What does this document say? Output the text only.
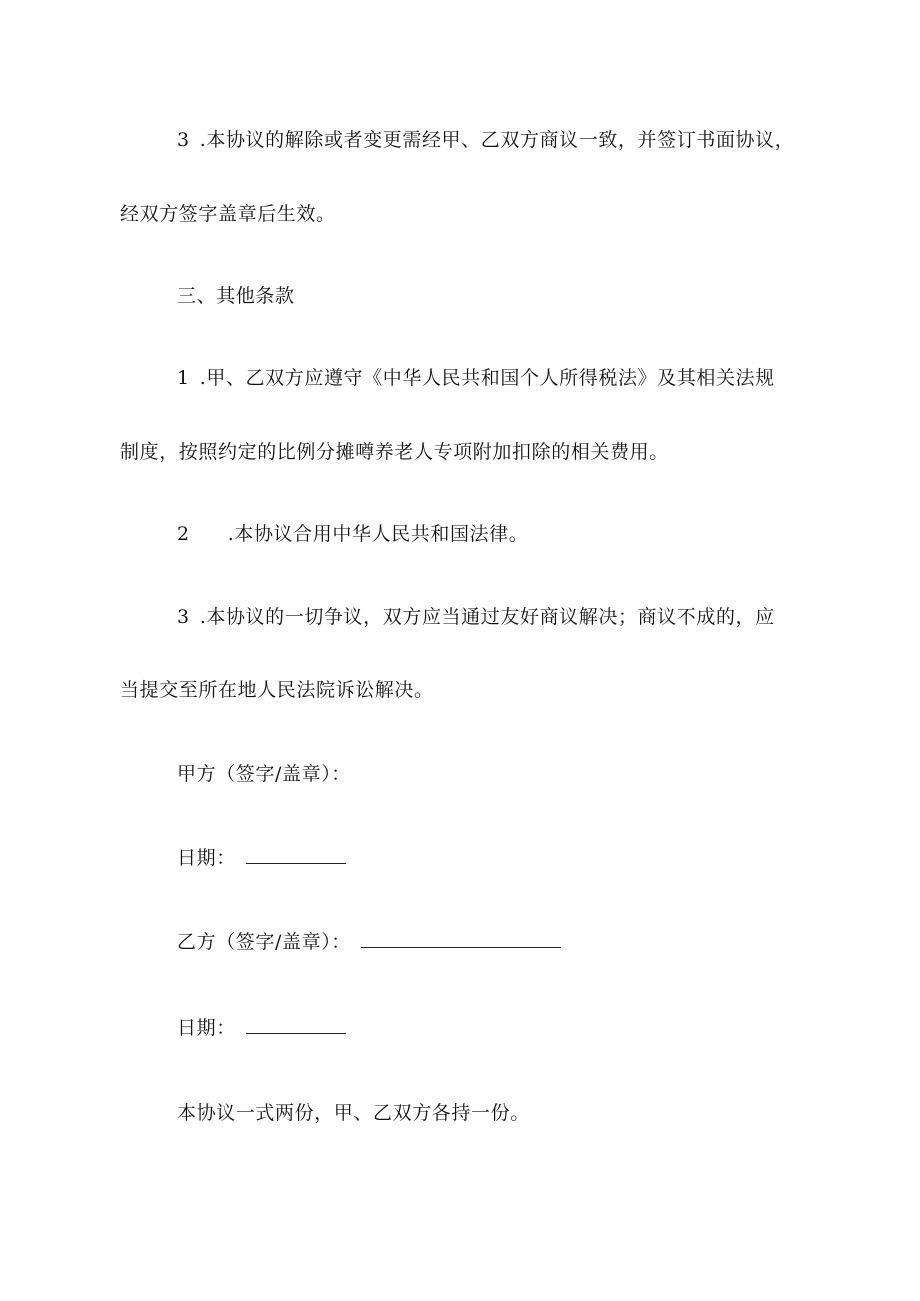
3 .本协议的解除或者变更需经甲、乙双方商议一致，并签订书面协议，
经双方签字盖章后生效。
三、其他条款
1 .甲、乙双方应遵守《中华人民共和国个人所得税法》及其相关法规
制度，按照约定的比例分摊噂养老人专项附加扣除的相关费用。
2 .本协议合用中华人民共和国法律。
3 .本协议的一切争议，双方应当通过友好商议解决；商议不成的，应
当提交至所在地人民法院诉讼解决。
甲方（签字/盖章）：
日期：
乙方（签字/盖章）：
日期：
本协议一式两份，甲、乙双方各持一份。
